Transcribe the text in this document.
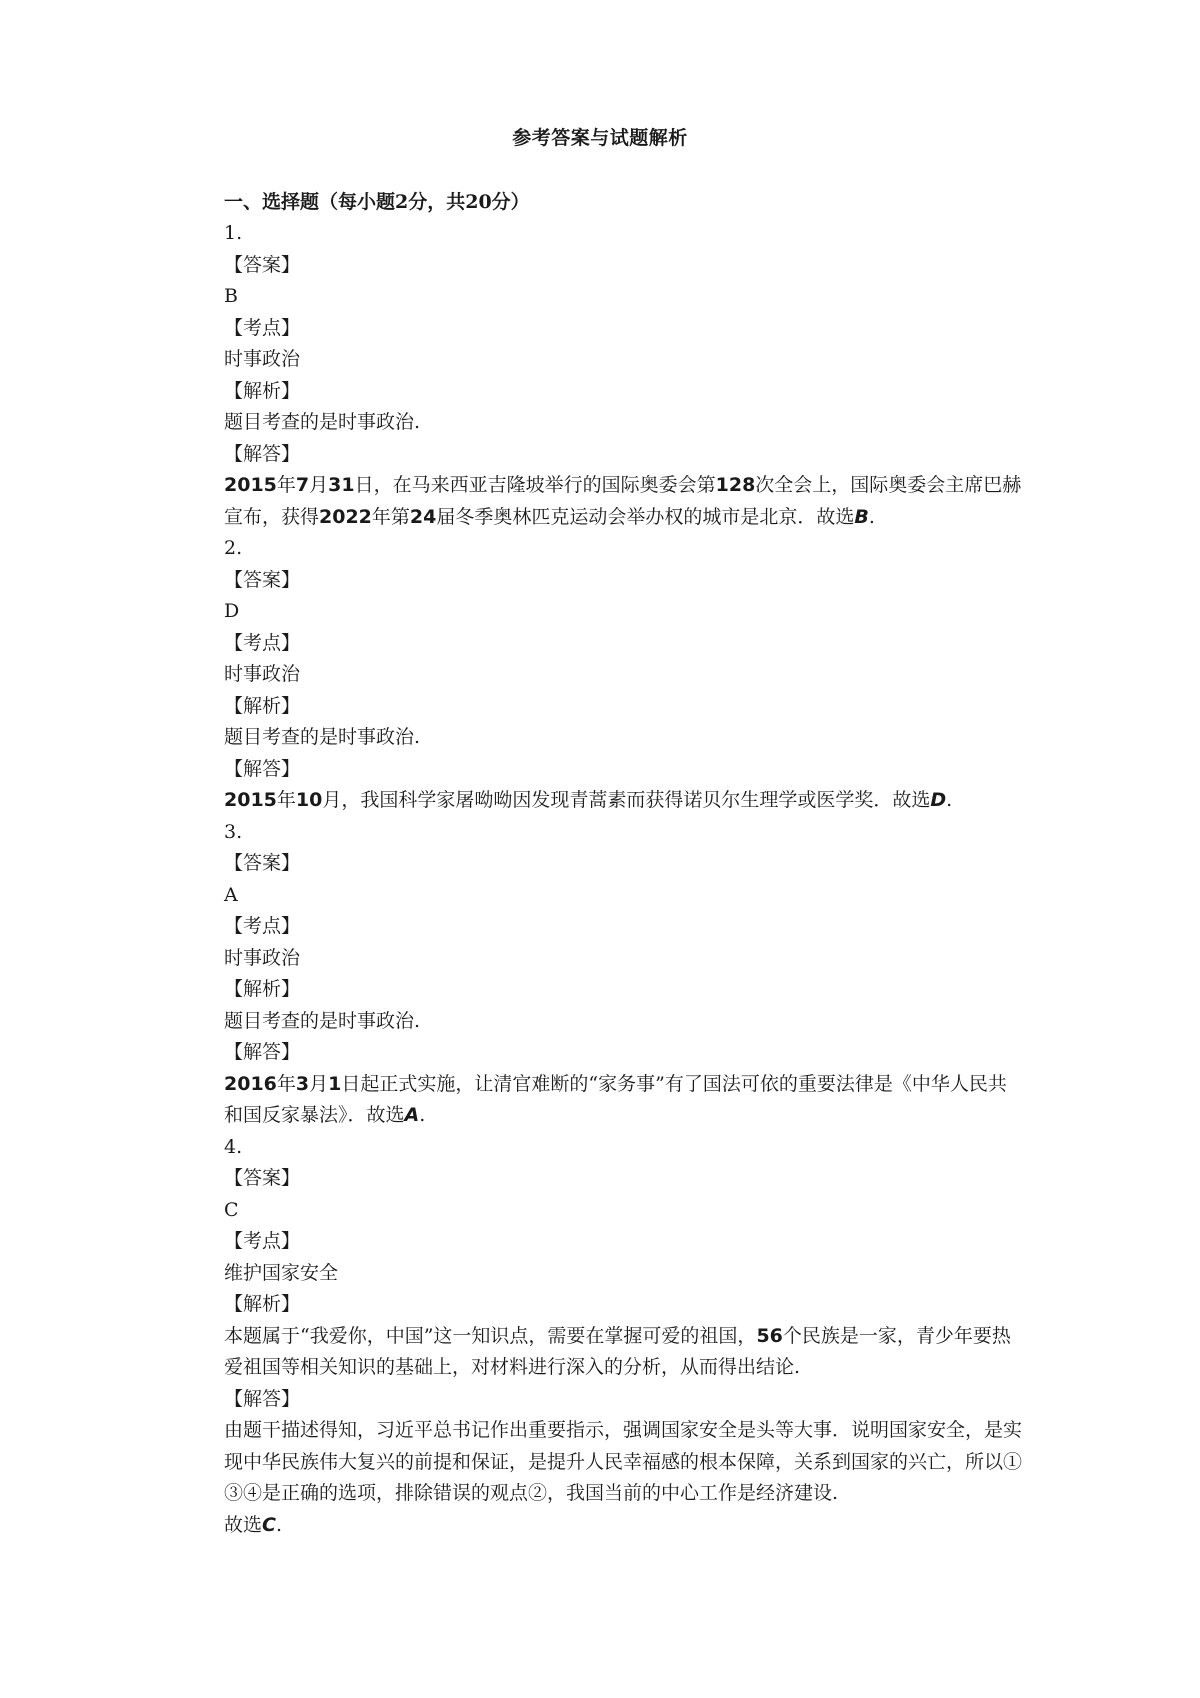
参考答案与试题解析
一、选择题（每小题2分，共20分）
1.
【答案】
B
【考点】
时事政治
【解析】
题目考查的是时事政治.
【解答】
2015年7月31日，在马来西亚吉隆坡举行的国际奥委会第128次全会上，国际奥委会主席巴赫宣布，获得2022年第24届冬季奥林匹克运动会举办权的城市是北京．故选B.
2.
【答案】
D
【考点】
时事政治
【解析】
题目考查的是时事政治.
【解答】
2015年10月，我国科学家屠呦呦因发现青蒿素而获得诺贝尔生理学或医学奖．故选D.
3.
【答案】
A
【考点】
时事政治
【解析】
题目考查的是时事政治.
【解答】
2016年3月1日起正式实施，让清官难断的“家务事”有了国法可依的重要法律是《中华人民共和国反家暴法》．故选A.
4.
【答案】
C
【考点】
维护国家安全
【解析】
本题属于“我爱你，中国”这一知识点，需要在掌握可爱的祖国，56个民族是一家，青少年要热爱祖国等相关知识的基础上，对材料进行深入的分析，从而得出结论.
【解答】
由题干描述得知，习近平总书记作出重要指示，强调国家安全是头等大事．说明国家安全，是实现中华民族伟大复兴的前提和保证，是提升人民幸福感的根本保障，关系到国家的兴亡，所以①③④是正确的选项，排除错误的观点②，我国当前的中心工作是经济建设.
故选C.
